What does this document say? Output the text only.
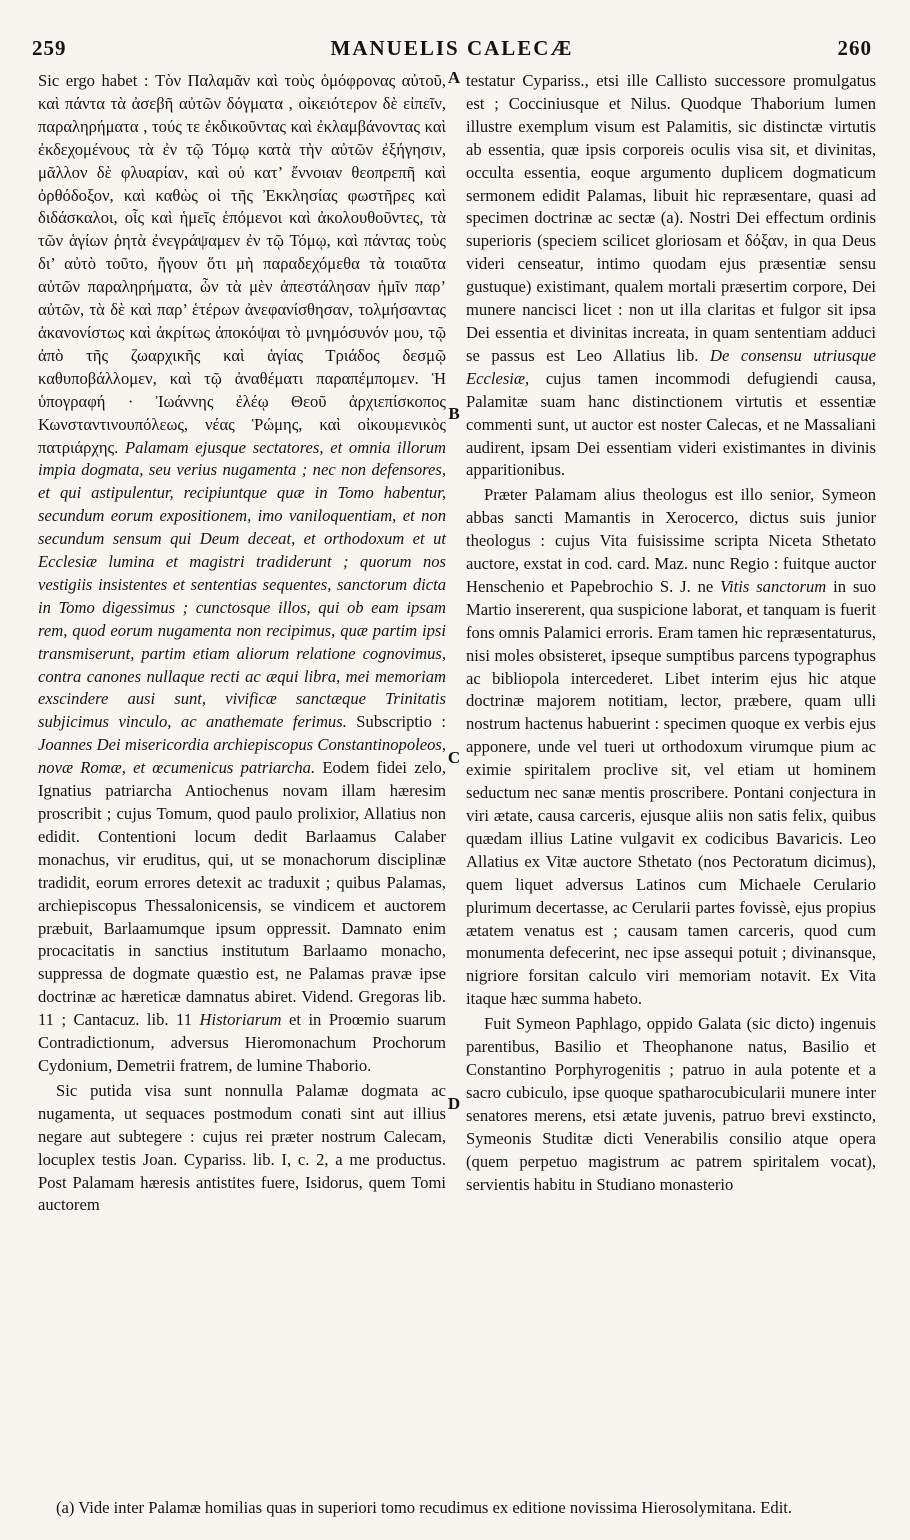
259	MANUELIS CALECÆ	260

Sic ergo habet : Τὸν Παλαμᾶν καὶ τοὺς ὁμόφρονας αὐτοῦ, καὶ πάντα τὰ ἀσεβῆ αὐτῶν δόγματα , οἰκειότερον δὲ εἰπεῖν, παραληρήματα , τούς τε ἐκδικοῦντας καὶ ἐκλαμβάνοντας καὶ ἐκδεχομένους τὰ ἐν τῷ Τόμῳ κατὰ τὴν αὐτῶν ἐξήγησιν, μᾶλλον δὲ φλυαρίαν, καὶ οὐ κατ’ ἔννοιαν θεοπρεπῆ καὶ ὀρθόδοξον, καὶ καθὼς οἱ τῆς Ἐκκλησίας φωστῆρες καὶ διδάσκαλοι, οἷς καὶ ἡμεῖς ἑπόμενοι καὶ ἀκολουθοῦντες, τὰ τῶν ἁγίων ῥητὰ ἐνεγράψαμεν ἐν τῷ Τόμῳ, καὶ πάντας τοὺς δι’ αὐτὸ τοῦτο, ἤγουν ὅτι μὴ παραδεχόμεθα τὰ τοιαῦτα αὐτῶν παραληρήματα, ὧν τὰ μὲν ἀπεστάλησαν ἡμῖν παρ’ αὐτῶν, τὰ δὲ καὶ παρ’ ἑτέρων ἀνεφανίσθησαν, τολμήσαντας ἀκανονίστως καὶ ἀκρίτως ἀποκόψαι τὸ μνημόσυνόν μου, τῷ ἀπὸ τῆς ζωαρχικῆς καὶ ἁγίας Τριάδος δεσμῷ καθυποβάλλομεν, καὶ τῷ ἀναθέματι παραπέμπομεν. Ἡ ὑπογραφή · Ἰωάννης ἐλέῳ Θεοῦ ἀρχιεπίσκοπος Κωνσταντινουπόλεως, νέας Ῥώμης, καὶ οἰκουμενικὸς πατριάρχης. Palamam ejusque sectatores, et omnia illorum impia dogmata, seu verius nugamenta ; nec non defensores, et qui astipulentur, recipiuntque quæ in Tomo habentur, secundum eorum expositionem, imo vaniloquentiam, et non secundum sensum qui Deum deceat, et orthodoxum et ut Ecclesiæ lumina et magistri tradiderunt ; quorum nos vestigiis insistentes et sententias sequentes, sanctorum dicta in Tomo digessimus ; cunctosque illos, qui ob eam ipsam rem, quod eorum nugamenta non recipimus, quæ partim ipsi transmiserunt, partim etiam aliorum relatione cognovimus, contra canones nullaque recti ac æqui libra, mei memoriam exscindere ausi sunt, vivificæ sanctæque Trinitatis subjicimus vinculo, ac anathemate ferimus. Subscriptio : Joannes Dei misericordia archiepiscopus Constantinopoleos, novæ Romæ, et œcumenicus patriarcha. Eodem fidei zelo, Ignatius patriarcha Antiochenus novam illam hæresim proscribit ; cujus Tomum, quod paulo prolixior, Allatius non edidit. Contentioni locum dedit Barlaamus Calaber monachus, vir eruditus, qui, ut se monachorum disciplinæ tradidit, eorum errores detexit ac traduxit ; quibus Palamas, archiepiscopus Thessalonicensis, se vindicem et auctorem præbuit, Barlaamumque ipsum oppressit. Damnato enim procacitatis in sanctius institutum Barlaamo monacho, suppressa de dogmate quæstio est, ne Palamas pravæ ipse doctrinæ ac hæreticæ damnatus abiret. Vidend. Gregoras lib. 11 ; Cantacuz. lib. 11 Historiarum et in Proœmio suarum Contradictionum, adversus Hieromonachum Prochorum Cydonium, Demetrii fratrem, de lumine Thaborio.

Sic putida visa sunt nonnulla Palamæ dogmata ac nugamenta, ut sequaces postmodum conati sint aut illius negare aut subtegere : cujus rei præter nostrum Calecam, locuplex testis Joan. Cypariss. lib. I, c. 2, a me productus. Post Palamam hæresis antistites fuere, Isidorus, quem Tomi auctorem

A
B
C
D

testatur Cypariss., etsi ille Callisto successore promulgatus est ; Cocciniusque et Nilus. Quodque Thaborium lumen illustre exemplum visum est Palamitis, sic distinctæ virtutis ab essentia, quæ ipsis corporeis oculis visa sit, et divinitas, occulta essentia, eoque argumento duplicem dogmaticum sermonem edidit Palamas, libuit hic repræsentare, quasi ad specimen doctrinæ ac sectæ (a). Nostri Dei effectum ordinis superioris (speciem scilicet gloriosam et δόξαν, in qua Deus videri censeatur, intimo quodam ejus præsentiæ sensu gustuque) existimant, qualem mortali præsertim corpore, Dei munere nancisci licet : non ut illa claritas et fulgor sit ipsa Dei essentia et divinitas increata, in quam sententiam adduci se passus est Leo Allatius lib. De consensu utriusque Ecclesiæ, cujus tamen incommodi defugiendi causa, Palamitæ suam hanc distinctionem virtutis et essentiæ commenti sunt, ut auctor est noster Calecas, et ne Massaliani audirent, ipsam Dei essentiam videri existimantes in divinis apparitionibus.

Præter Palamam alius theologus est illo senior, Symeon abbas sancti Mamantis in Xerocerco, dictus suis junior theologus : cujus Vita fuisissime scripta Niceta Sthetato auctore, exstat in cod. card. Maz. nunc Regio : fuitque auctor Henschenio et Papebrochio S. J. ne Vitis sanctorum in suo Martio insererent, qua suspicione laborat, et tanquam is fuerit fons omnis Palamici erroris. Eram tamen hic repræsentaturus, nisi moles obsisteret, ipseque sumptibus parcens typographus ac bibliopola intercederet. Libet interim ejus hic atque doctrinæ majorem notitiam, lector, præbere, quam ulli nostrum hactenus habuerint : specimen quoque ex verbis ejus apponere, unde vel tueri ut orthodoxum virumque pium ac eximie spiritalem proclive sit, vel etiam ut hominem seductum nec sanæ mentis proscribere. Pontani conjectura in viri ætate, causa carceris, ejusque aliis non satis felix, quibus quædam illius Latine vulgavit ex codicibus Bavaricis. Leo Allatius ex Vitæ auctore Sthetato (nos Pectoratum dicimus), quem liquet adversus Latinos cum Michaele Cerulario plurimum decertasse, ac Cerularii partes fovissè, ejus propius ætatem venatus est ; causam tamen carceris, quod cum monumenta defecerint, nec ipse assequi potuit ; divinansque, nigriore forsitan calculo viri memoriam notavit. Ex Vita itaque hæc summa habeto.

Fuit Symeon Paphlago, oppido Galata (sic dicto) ingenuis parentibus, Basilio et Theophanone natus, Basilio et Constantino Porphyrogenitis ; patruo in aula potente et a sacro cubiculo, ipse quoque spatharocubicularii munere inter senatores merens, etsi ætate juvenis, patruo brevi exstincto, Symeonis Studitæ dicti Venerabilis consilio atque opera (quem perpetuo magistrum ac patrem spiritalem vocat), servientis habitu in Studiano monasterio

(a) Vide inter Palamæ homilias quas in superiori tomo recudimus ex editione novissima Hierosolymitana. Edit.
